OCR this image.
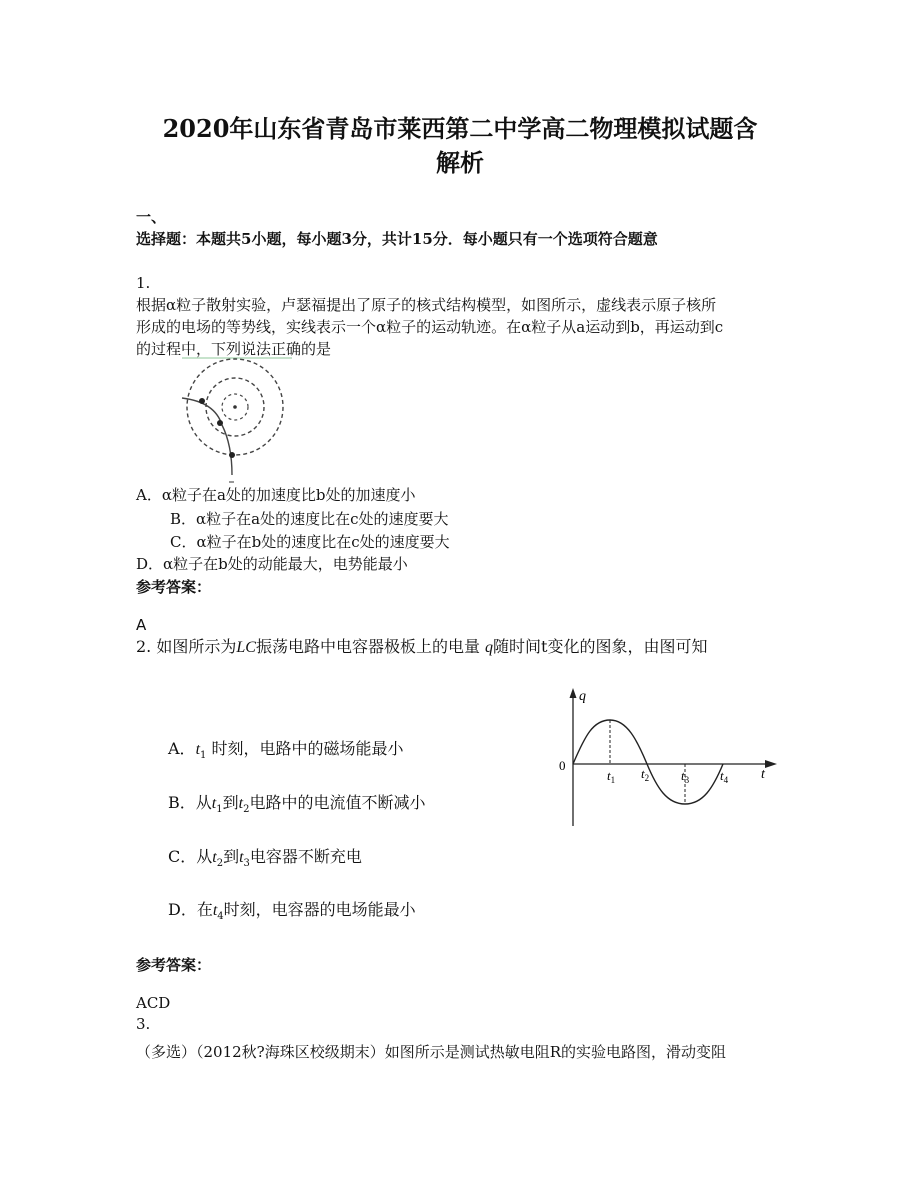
2020年山东省青岛市莱西第二中学高二物理模拟试题含
解析
一、
选择题：本题共5小题，每小题3分，共计15分．每小题只有一个选项符合题意
1.
根据α粒子散射实验，卢瑟福提出了原子的核式结构模型，如图所示，虚线表示原子核所
形成的电场的等势线，实线表示一个α粒子的运动轨迹。在α粒子从a运动到b，再运动到c
的过程中，下列说法正确的是
A．α粒子在a处的加速度比b处的加速度小
B．α粒子在a处的速度比在c处的速度要大
C．α粒子在b处的速度比在c处的速度要大
D．α粒子在b处的动能最大，电势能最小
参考答案：
A
2. 如图所示为LC振荡电路中电容器极板上的电量 q随时间t变化的图象，由图可知
A．$t_1$ 时刻，电路中的磁场能最小
B．从$t_1$到$t_2$电路中的电流值不断减小
C．从$t_2$到$t_3$电容器不断充电
D．在$t_4$时刻，电容器的电场能最小
q
t
0
$t_1$ $t_2$ $t_3$ $t_4$
参考答案：
ACD
3.
（多选）（2012秋?海珠区校级期末）如图所示是测试热敏电阻R的实验电路图，滑动变阻
